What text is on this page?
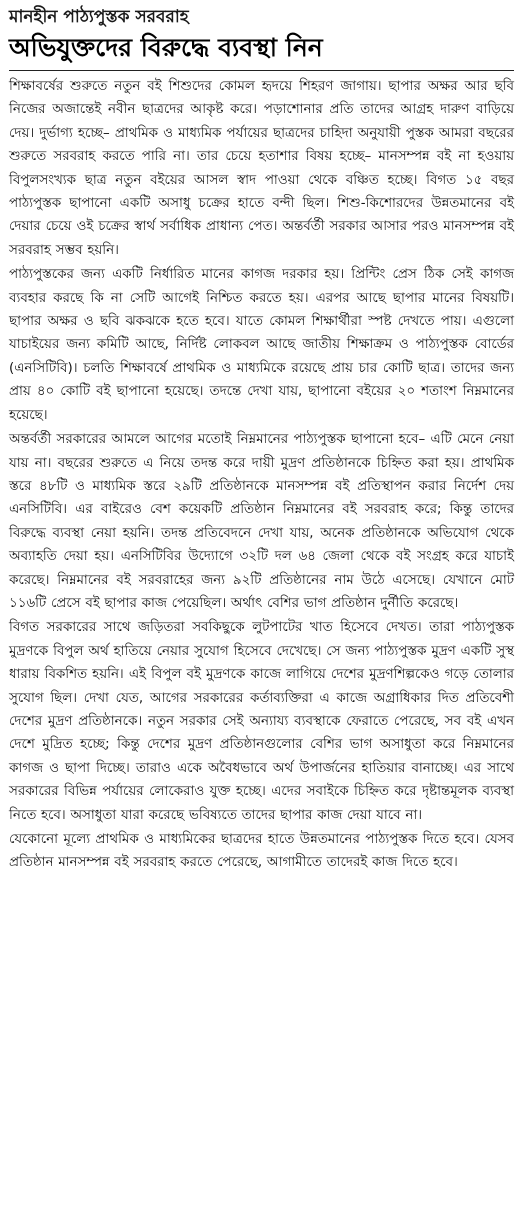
মানহীন পাঠ্যপুস্তক সরবরাহ
অভিযুক্তদের বিরুদ্ধে ব্যবস্থা নিন

শিক্ষাবর্ষের শুরুতে নতুন বই শিশুদের কোমল হৃদয়ে শিহরণ জাগায়। ছাপার অক্ষর আর ছবি নিজের অজান্তেই নবীন ছাত্রদের আকৃষ্ট করে। পড়াশোনার প্রতি তাদের আগ্রহ দারুণ বাড়িয়ে দেয়। দুর্ভাগ্য হচ্ছে– প্রাথমিক ও মাধ্যমিক পর্যায়ের ছাত্রদের চাহিদা অনুযায়ী পুস্তক আমরা বছরের শুরুতে সরবরাহ করতে পারি না। তার চেয়ে হতাশার বিষয় হচ্ছে– মানসম্পন্ন বই না হওয়ায় বিপুলসংখ্যক ছাত্র নতুন বইয়ের আসল স্বাদ পাওয়া থেকে বঞ্চিত হচ্ছে। বিগত ১৫ বছর পাঠ্যপুস্তক ছাপানো একটি অসাধু চক্রের হাতে বন্দী ছিল। শিশু-কিশোরদের উন্নতমানের বই দেয়ার চেয়ে ওই চক্রের স্বার্থ সর্বাধিক প্রাধান্য পেত। অন্তর্বর্তী সরকার আসার পরও মানসম্পন্ন বই সরবরাহ সম্ভব হয়নি।

পাঠ্যপুস্তকের জন্য একটি নির্ধারিত মানের কাগজ দরকার হয়। প্রিন্টিং প্রেস ঠিক সেই কাগজ ব্যবহার করছে কি না সেটি আগেই নিশ্চিত করতে হয়। এরপর আছে ছাপার মানের বিষয়টি। ছাপার অক্ষর ও ছবি ঝকঝকে হতে হবে। যাতে কোমল শিক্ষার্থীরা স্পষ্ট দেখতে পায়। এগুলো যাচাইয়ের জন্য কমিটি আছে, নির্দিষ্ট লোকবল আছে জাতীয় শিক্ষাক্রম ও পাঠ্যপুস্তক বোর্ডের (এনসিটিবি)। চলতি শিক্ষাবর্ষে প্রাথমিক ও মাধ্যমিকে রয়েছে প্রায় চার কোটি ছাত্র। তাদের জন্য প্রায় ৪০ কোটি বই ছাপানো হয়েছে। তদন্তে দেখা যায়, ছাপানো বইয়ের ২০ শতাংশ নিম্নমানের হয়েছে।

অন্তর্বর্তী সরকারের আমলে আগের মতোই নিম্নমানের পাঠ্যপুস্তক ছাপানো হবে– এটি মেনে নেয়া যায় না। বছরের শুরুতে এ নিয়ে তদন্ত করে দায়ী মুদ্রণ প্রতিষ্ঠানকে চিহ্নিত করা হয়। প্রাথমিক স্তরে ৪৮টি ও মাধ্যমিক স্তরে ২৯টি প্রতিষ্ঠানকে মানসম্পন্ন বই প্রতিস্থাপন করার নির্দেশ দেয় এনসিটিবি। এর বাইরেও বেশ কয়েকটি প্রতিষ্ঠান নিম্নমানের বই সরবরাহ করে; কিন্তু তাদের বিরুদ্ধে ব্যবস্থা নেয়া হয়নি। তদন্ত প্রতিবেদনে দেখা যায়, অনেক প্রতিষ্ঠানকে অভিযোগ থেকে অব্যাহতি দেয়া হয়। এনসিটিবির উদ্যোগে ৩২টি দল ৬৪ জেলা থেকে বই সংগ্রহ করে যাচাই করেছে। নিম্নমানের বই সরবরাহের জন্য ৯২টি প্রতিষ্ঠানের নাম উঠে এসেছে। যেখানে মোট ১১৬টি প্রেসে বই ছাপার কাজ পেয়েছিল। অর্থাৎ বেশির ভাগ প্রতিষ্ঠান দুর্নীতি করেছে।

বিগত সরকারের সাথে জড়িতরা সবকিছুকে লুটপাটের খাত হিসেবে দেখত। তারা পাঠ্যপুস্তক মুদ্রণকে বিপুল অর্থ হাতিয়ে নেয়ার সুযোগ হিসেবে দেখেছে। সে জন্য পাঠ্যপুস্তক মুদ্রণ একটি সুস্থ ধারায় বিকশিত হয়নি। এই বিপুল বই মুদ্রণকে কাজে লাগিয়ে দেশের মুদ্রণশিল্পকেও গড়ে তোলার সুযোগ ছিল। দেখা যেত, আগের সরকারের কর্তাব্যক্তিরা এ কাজে অগ্রাধিকার দিত প্রতিবেশী দেশের মুদ্রণ প্রতিষ্ঠানকে। নতুন সরকার সেই অন্যায্য ব্যবস্থাকে ফেরাতে পেরেছে, সব বই এখন দেশে মুদ্রিত হচ্ছে; কিন্তু দেশের মুদ্রণ প্রতিষ্ঠানগুলোর বেশির ভাগ অসাধুতা করে নিম্নমানের কাগজ ও ছাপা দিচ্ছে। তারাও একে অবৈধভাবে অর্থ উপার্জনের হাতিয়ার বানাচ্ছে। এর সাথে সরকারের বিভিন্ন পর্যায়ের লোকেরাও যুক্ত হচ্ছে। এদের সবাইকে চিহ্নিত করে দৃষ্টান্তমূলক ব্যবস্থা নিতে হবে। অসাধুতা যারা করেছে ভবিষ্যতে তাদের ছাপার কাজ দেয়া যাবে না।

যেকোনো মূল্যে প্রাথমিক ও মাধ্যমিকের ছাত্রদের হাতে উন্নতমানের পাঠ্যপুস্তক দিতে হবে। যেসব প্রতিষ্ঠান মানসম্পন্ন বই সরবরাহ করতে পেরেছে, আগামীতে তাদেরই কাজ দিতে হবে।
